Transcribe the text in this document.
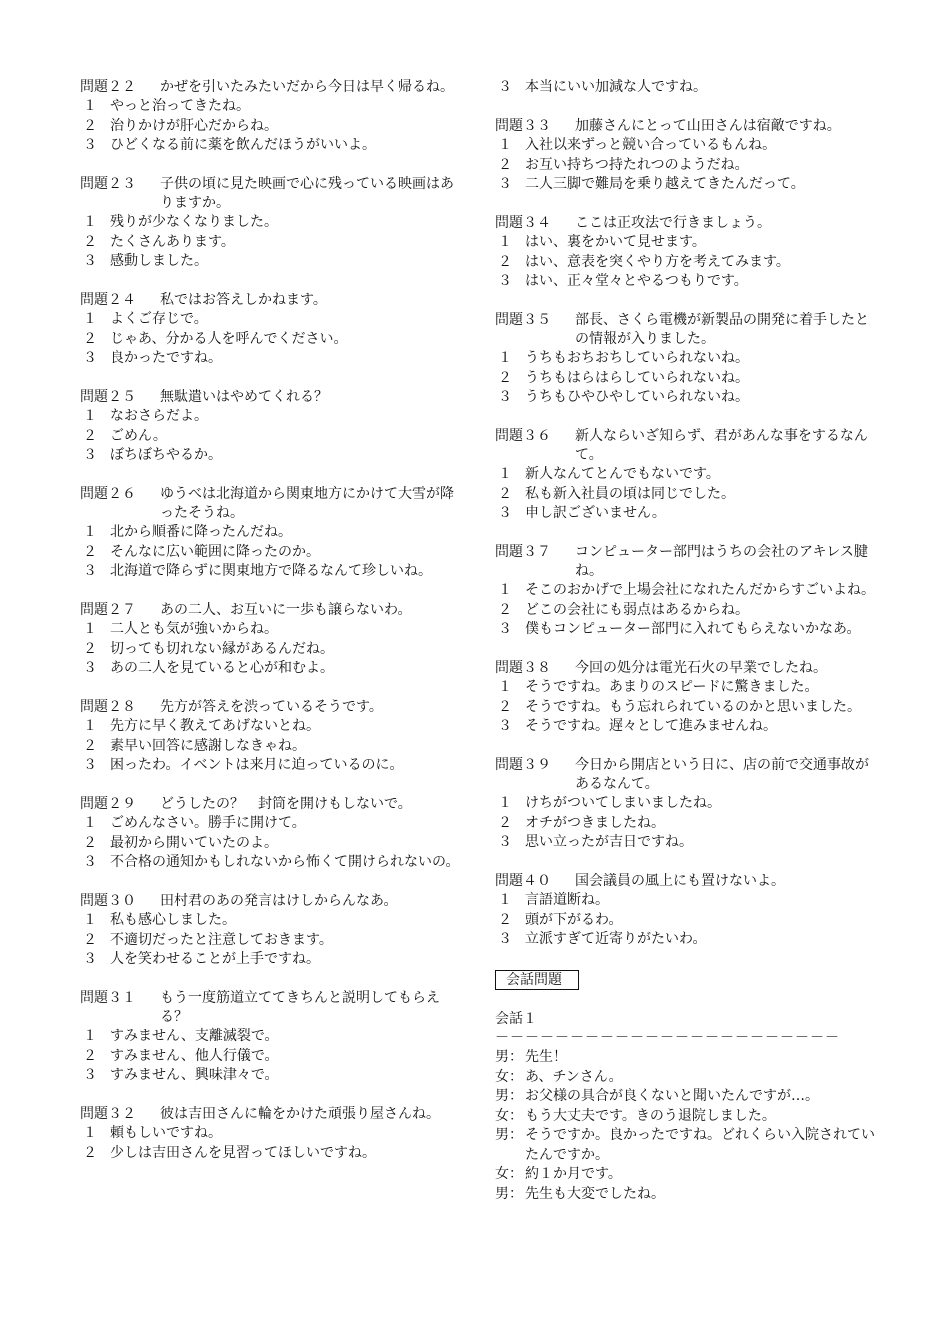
問題２２	かぜを引いたみたいだから今日は早く帰るね。
１ やっと治ってきたね。
２ 治りかけが肝心だからね。
３ ひどくなる前に薬を飲んだほうがいいよ。
問題２３	子供の頃に見た映画で心に残っている映画はありますか。
１ 残りが少なくなりました。
２ たくさんあります。
３ 感動しました。
問題２４	私ではお答えしかねます。
１ よくご存じで。
２ じゃあ、分かる人を呼んでください。
３ 良かったですね。
問題２５	無駄遣いはやめてくれる？
１ なおさらだよ。
２ ごめん。
３ ぼちぼちやるか。
問題２６	ゆうべは北海道から関東地方にかけて大雪が降ったそうね。
１ 北から順番に降ったんだね。
２ そんなに広い範囲に降ったのか。
３ 北海道で降らずに関東地方で降るなんて珍しいね。
問題２７	あの二人、お互いに一歩も譲らないわ。
１ 二人とも気が強いからね。
２ 切っても切れない縁があるんだね。
３ あの二人を見ていると心が和むよ。
問題２８	先方が答えを渋っているそうです。
１ 先方に早く教えてあげないとね。
２ 素早い回答に感謝しなきゃね。
３ 困ったわ。イベントは来月に迫っているのに。
問題２９	どうしたの？　封筒を開けもしないで。
１ ごめんなさい。勝手に開けて。
２ 最初から開いていたのよ。
３ 不合格の通知かもしれないから怖くて開けられないの。
問題３０	田村君のあの発言はけしからんなあ。
１ 私も感心しました。
２ 不適切だったと注意しておきます。
３ 人を笑わせることが上手ですね。
問題３１	もう一度筋道立ててきちんと説明してもらえる？
１ すみません、支離滅裂で。
２ すみません、他人行儀で。
３ すみません、興味津々で。
問題３２	彼は吉田さんに輪をかけた頑張り屋さんね。
１ 頼もしいですね。
２ 少しは吉田さんを見習ってほしいですね。
３ 本当にいい加減な人ですね。
問題３３	加藤さんにとって山田さんは宿敵ですね。
１ 入社以来ずっと競い合っているもんね。
２ お互い持ちつ持たれつのようだね。
３ 二人三脚で難局を乗り越えてきたんだって。
問題３４	ここは正攻法で行きましょう。
１ はい、裏をかいて見せます。
２ はい、意表を突くやり方を考えてみます。
３ はい、正々堂々とやるつもりです。
問題３５	部長、さくら電機が新製品の開発に着手したとの情報が入りました。
１ うちもおちおちしていられないね。
２ うちもはらはらしていられないね。
３ うちもひやひやしていられないね。
問題３６	新人ならいざ知らず、君があんな事をするなんて。
１ 新人なんてとんでもないです。
２ 私も新入社員の頃は同じでした。
３ 申し訳ございません。
問題３７	コンピューター部門はうちの会社のアキレス腱ね。
１ そこのおかげで上場会社になれたんだからすごいよね。
２ どこの会社にも弱点はあるからね。
３ 僕もコンピューター部門に入れてもらえないかなあ。
問題３８	今回の処分は電光石火の早業でしたね。
１ そうですね。あまりのスピードに驚きました。
２ そうですね。もう忘れられているのかと思いました。
３ そうですね。遅々として進みませんね。
問題３９	今日から開店という日に、店の前で交通事故があるなんて。
１ けちがついてしまいましたね。
２ オチがつきましたね。
３ 思い立ったが吉日ですね。
問題４０	国会議員の風上にも置けないよ。
１ 言語道断ね。
２ 頭が下がるわ。
３ 立派すぎて近寄りがたいわ。
会話問題
会話１
－－－－－－－－－－－－－－－－－－－－－－－
男： 先生！
女： あ、チンさん。
男： お父様の具合が良くないと聞いたんですが…。
女： もう大丈夫です。きのう退院しました。
男： そうですか。良かったですね。どれくらい入院されていたんですか。
女： 約１か月です。
男： 先生も大変でしたね。
